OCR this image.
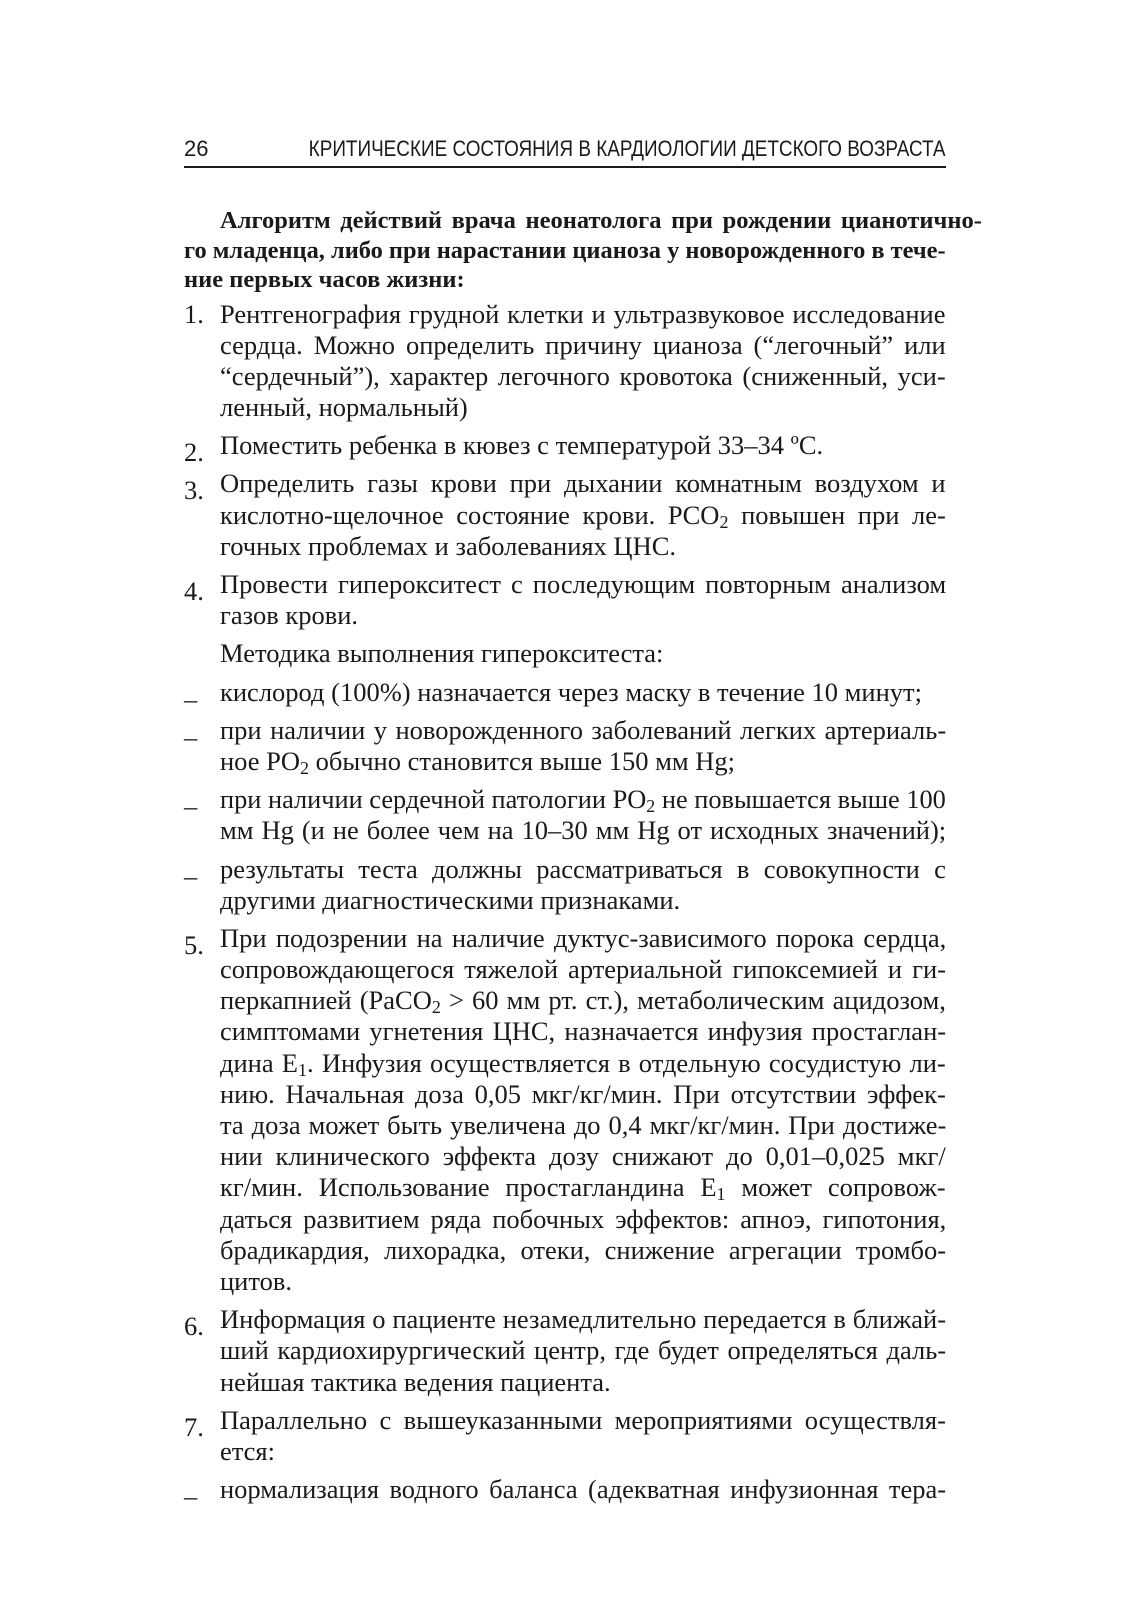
26	КРИТИЧЕСКИЕ СОСТОЯНИЯ В КАРДИОЛОГИИ ДЕТСКОГО ВОЗРАСТА
Алгоритм действий врача неонатолога при рождении цианотично-
го младенца, либо при нарастании цианоза у новорожденного в тече-
ние первых часов жизни:
1. Рентгенография грудной клетки и ультразвуковое исследование
сердца. Можно определить причину цианоза (“легочный” или
“сердечный”), характер легочного кровотока (сниженный, уси-
ленный, нормальный)
2. Поместить ребенка в кювез с температурой 33–34 ºС.
3. Определить газы крови при дыхании комнатным воздухом и
кислотно-щелочное состояние крови. $PCO_2$ повышен при ле-
гочных проблемах и заболеваниях ЦНС.
4. Провести гиперокситест с последующим повторным анализом
газов крови.
Методика выполнения гиперокситеста:
– кислород (100%) назначается через маску в течение 10 минут;
– при наличии у новорожденного заболеваний легких артериаль-
ное $PO_2$ обычно становится выше 150 мм Hg;
– при наличии сердечной патологии $PO_2$ не повышается выше 100
мм Hg (и не более чем на 10–30 мм Hg от исходных значений);
– результаты теста должны рассматриваться в совокупности с
другими диагностическими признаками.
5. При подозрении на наличие дуктус-зависимого порока сердца,
сопровождающегося тяжелой артериальной гипоксемией и ги-
перкапнией (PaCO$_2$ > 60 мм рт. ст.), метаболическим ацидозом,
симптомами угнетения ЦНС, назначается инфузия простаглан-
дина $Е_1$. Инфузия осуществляется в отдельную сосудистую ли-
нию. Начальная доза 0,05 мкг/кг/мин. При отсутствии эффек-
та доза может быть увеличена до 0,4 мкг/кг/мин. При достиже-
нии клинического эффекта дозу снижают до 0,01–0,025 мкг/
кг/мин. Использование простагландина $Е_1$ может сопровож-
даться развитием ряда побочных эффектов: апноэ, гипотония,
брадикардия, лихорадка, отеки, снижение агрегации тромбо-
цитов.
6. Информация о пациенте незамедлительно передается в ближай-
ший кардиохирургический центр, где будет определяться даль-
нейшая тактика ведения пациента.
7. Параллельно с вышеуказанными мероприятиями осуществля-
ется:
– нормализация водного баланса (адекватная инфузионная тера-
